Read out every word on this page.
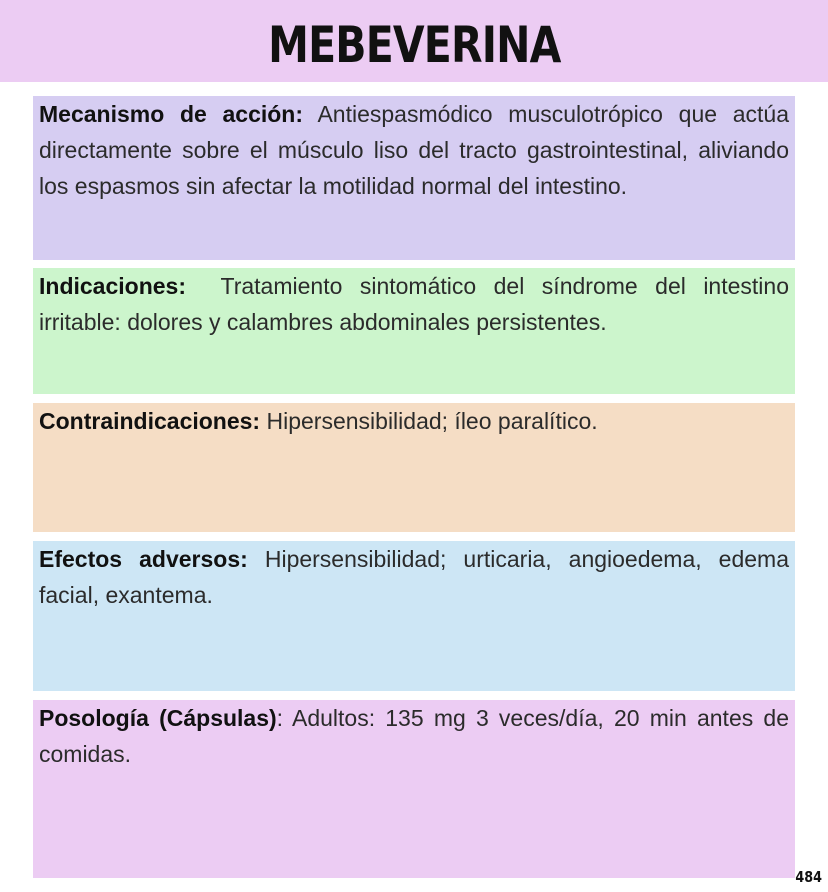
MEBEVERINA

Mecanismo de acción: Antiespasmódico musculotrópico que actúa directamente sobre el músculo liso del tracto gastrointestinal, aliviando los espasmos sin afectar la motilidad normal del intestino.

Indicaciones: Tratamiento sintomático del síndrome del intestino irritable: dolores y calambres abdominales persistentes.

Contraindicaciones: Hipersensibilidad; íleo paralítico.

Efectos adversos: Hipersensibilidad; urticaria, angioedema, edema facial, exantema.

Posología (Cápsulas): Adultos: 135 mg 3 veces/día, 20 min antes de comidas.

484
